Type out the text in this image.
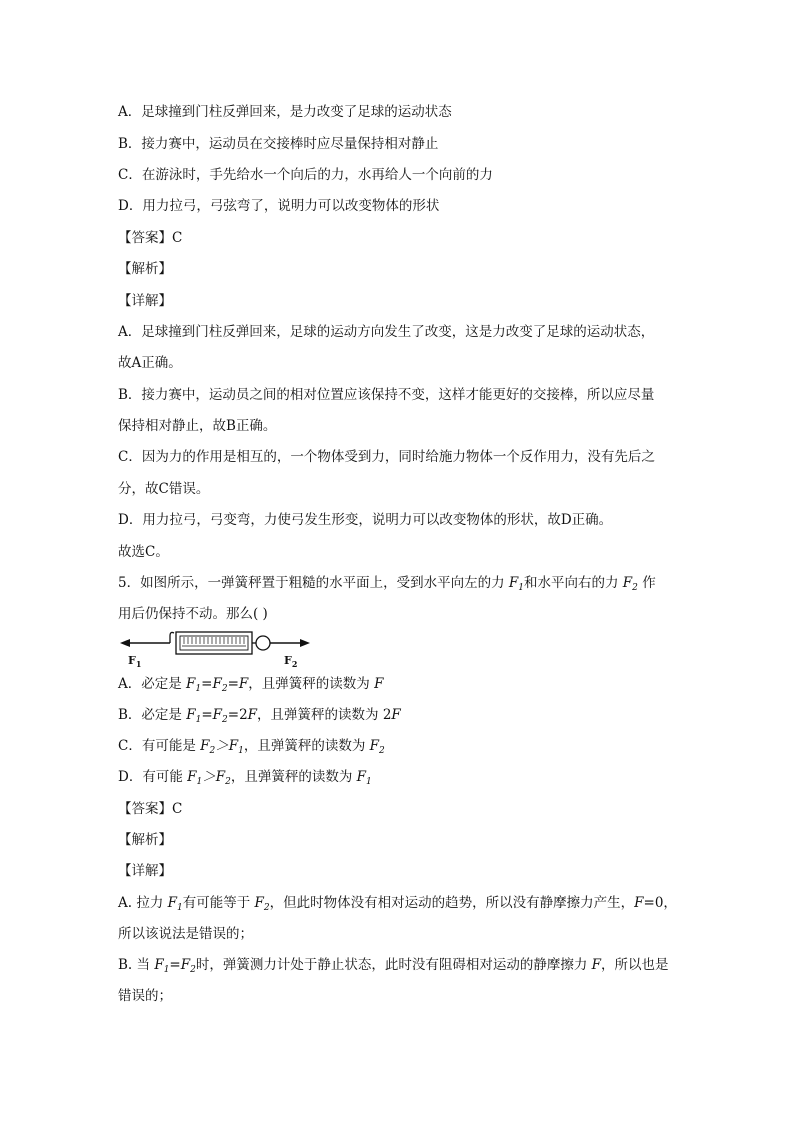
A．足球撞到门柱反弹回来，是力改变了足球的运动状态
B．接力赛中，运动员在交接棒时应尽量保持相对静止
C．在游泳时，手先给水一个向后的力，水再给人一个向前的力
D．用力拉弓，弓弦弯了，说明力可以改变物体的形状
【答案】C
【解析】
【详解】
A．足球撞到门柱反弹回来，足球的运动方向发生了改变，这是力改变了足球的运动状态，
故A正确。
B．接力赛中，运动员之间的相对位置应该保持不变，这样才能更好的交接棒，所以应尽量
保持相对静止，故B正确。
C．因为力的作用是相互的，一个物体受到力，同时给施力物体一个反作用力，没有先后之
分，故C错误。
D．用力拉弓，弓变弯，力使弓发生形变，说明力可以改变物体的形状，故D正确。
故选C。
5．如图所示，一弹簧秤置于粗糙的水平面上，受到水平向左的力 $F_1$和水平向右的力 $F_2$ 作
用后仍保持不动。那么( )
$F_1$	$F_2$
A．必定是 $F_1=F_2=F$，且弹簧秤的读数为 F
B．必定是 $F_1=F_2=2F$，且弹簧秤的读数为 2F
C．有可能是 $F_2>F_1$，且弹簧秤的读数为 $F_2$
D．有可能 $F_1>F_2$，且弹簧秤的读数为 $F_1$
【答案】C
【解析】
【详解】
A. 拉力 $F_1$有可能等于 $F_2$，但此时物体没有相对运动的趋势，所以没有静摩擦力产生，F=0，
所以该说法是错误的；
B. 当 $F_1=F_2$时，弹簧测力计处于静止状态，此时没有阻碍相对运动的静摩擦力 F，所以也是
错误的；
